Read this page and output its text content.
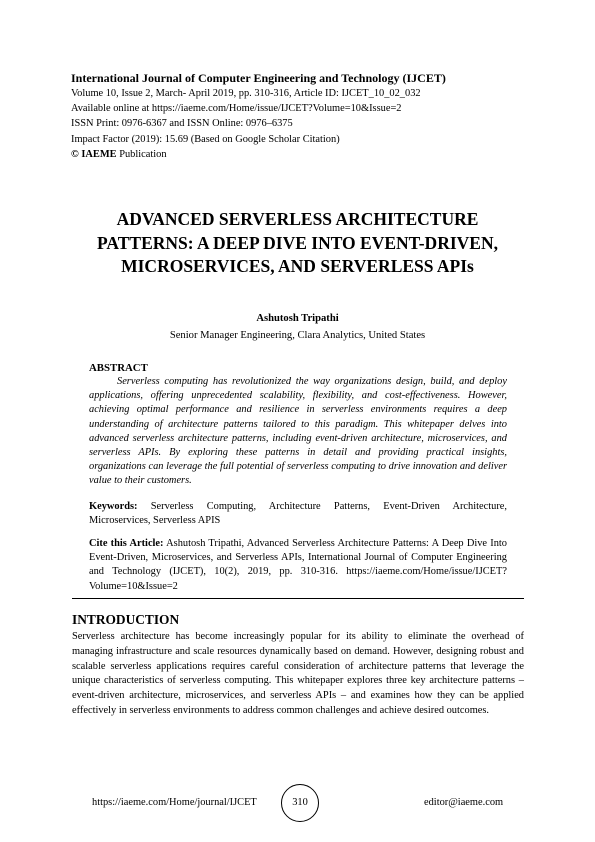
International Journal of Computer Engineering and Technology (IJCET)
Volume 10, Issue 2, March- April 2019, pp. 310-316, Article ID: IJCET_10_02_032
Available online at https://iaeme.com/Home/issue/IJCET?Volume=10&Issue=2
ISSN Print: 0976-6367 and ISSN Online: 0976–6375
Impact Factor (2019): 15.69 (Based on Google Scholar Citation)
© IAEME Publication
ADVANCED SERVERLESS ARCHITECTURE PATTERNS: A DEEP DIVE INTO EVENT-DRIVEN, MICROSERVICES, AND SERVERLESS APIs
Ashutosh Tripathi
Senior Manager Engineering, Clara Analytics, United States
ABSTRACT

Serverless computing has revolutionized the way organizations design, build, and deploy applications, offering unprecedented scalability, flexibility, and cost-effectiveness. However, achieving optimal performance and resilience in serverless environments requires a deep understanding of architecture patterns tailored to this paradigm. This whitepaper delves into advanced serverless architecture patterns, including event-driven architecture, microservices, and serverless APIs. By exploring these patterns in detail and providing practical insights, organizations can leverage the full potential of serverless computing to drive innovation and deliver value to their customers.

Keywords: Serverless Computing, Architecture Patterns, Event-Driven Architecture, Microservices, Serverless APIS
Cite this Article: Ashutosh Tripathi, Advanced Serverless Architecture Patterns: A Deep Dive Into Event-Driven, Microservices, and Serverless APIs, International Journal of Computer Engineering and Technology (IJCET), 10(2), 2019, pp. 310-316. https://iaeme.com/Home/issue/IJCET?Volume=10&Issue=2
INTRODUCTION

Serverless architecture has become increasingly popular for its ability to eliminate the overhead of managing infrastructure and scale resources dynamically based on demand. However, designing robust and scalable serverless applications requires careful consideration of architecture patterns that leverage the unique characteristics of serverless computing. This whitepaper explores three key architecture patterns – event-driven architecture, microservices, and serverless APIs – and examines how they can be applied effectively in serverless environments to address common challenges and achieve desired outcomes.

https://iaeme.com/Home/journal/IJCET	310	editor@iaeme.com
